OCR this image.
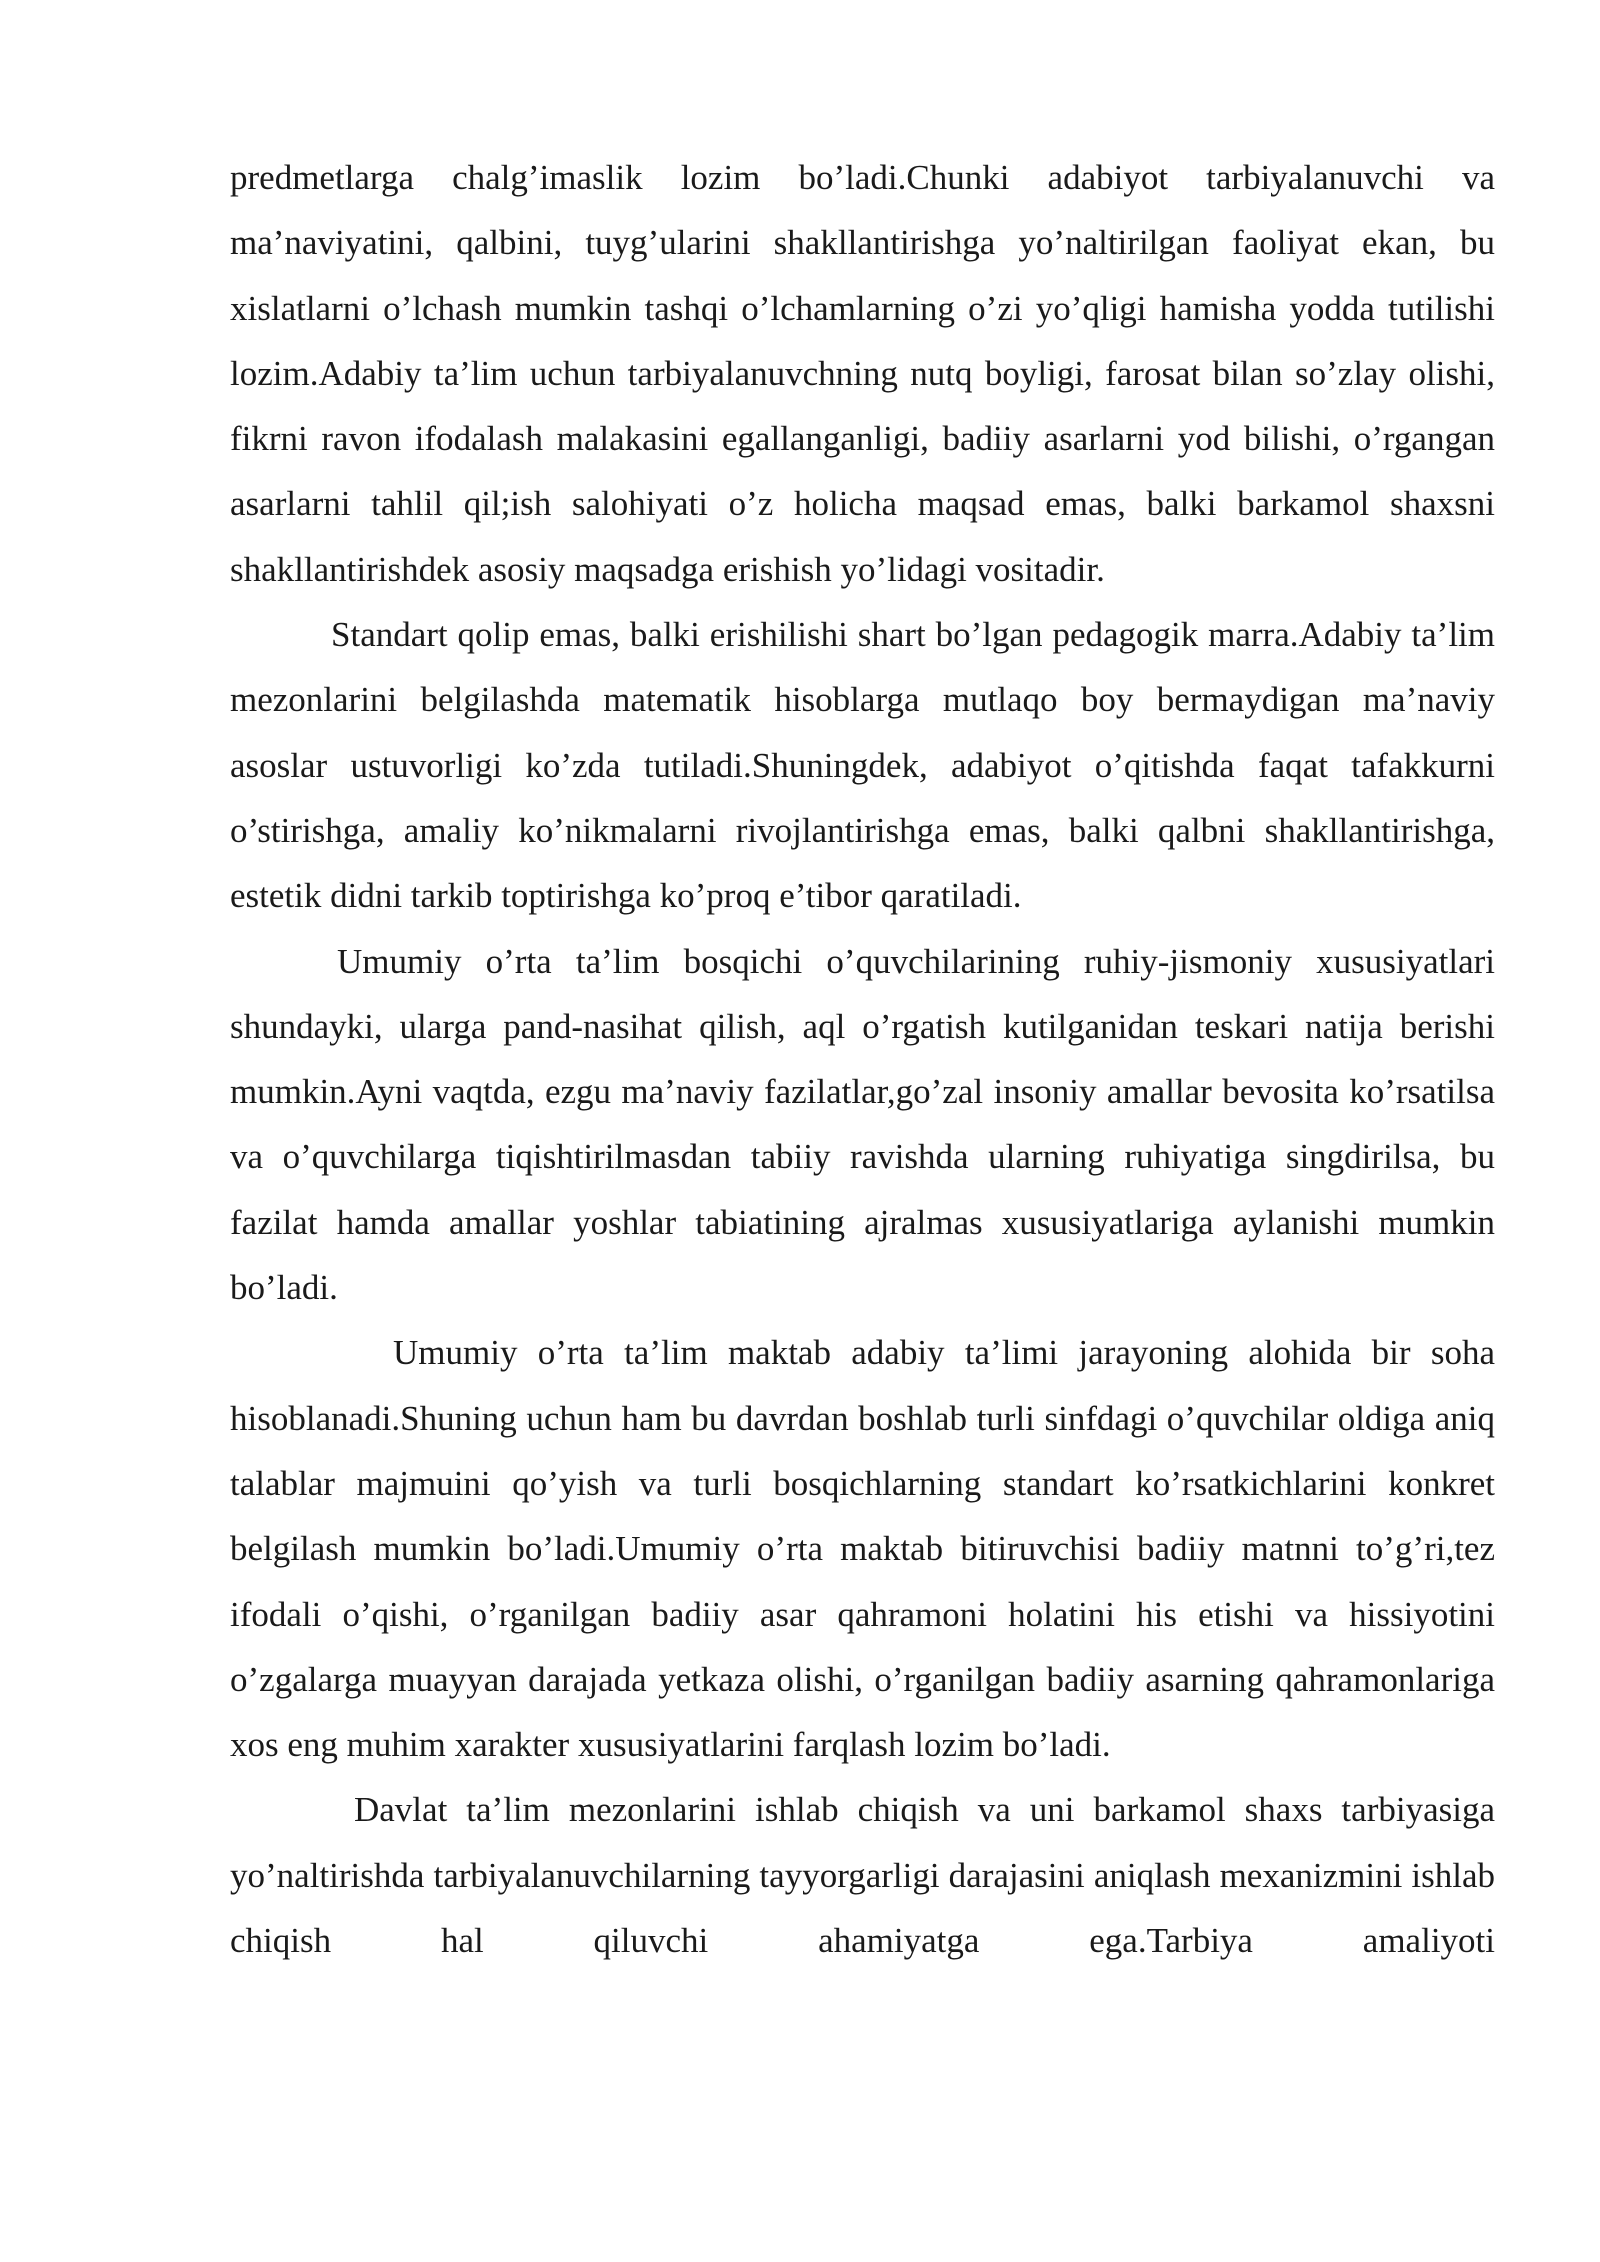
predmetlarga chalg’imaslik lozim bo’ladi.Chunki adabiyot tarbiyalanuvchi va ma’naviyatini, qalbini, tuyg’ularini shakllantirishga yo’naltirilgan faoliyat ekan, bu xislatlarni o’lchash mumkin tashqi o’lchamlarning o’zi yo’qligi hamisha yodda tutilishi lozim.Adabiy ta’lim uchun tarbiyalanuvchning nutq boyligi, farosat bilan so’zlay olishi, fikrni ravon ifodalash malakasini egallanganligi, badiiy asarlarni yod bilishi, o’rgangan asarlarni tahlil qil;ish salohiyati o’z holicha maqsad emas, balki barkamol shaxsni shakllantirishdek asosiy maqsadga erishish yo’lidagi vositadir.

Standart qolip emas, balki erishilishi shart bo’lgan pedagogik marra.Adabiy ta’lim mezonlarini belgilashda matematik hisoblarga mutlaqo boy bermaydigan ma’naviy asoslar ustuvorligi ko’zda tutiladi.Shuningdek, adabiyot o’qitishda faqat tafakkurni o’stirishga, amaliy ko’nikmalarni rivojlantirishga emas, balki qalbni shakllantirishga, estetik didni tarkib toptirishga ko’proq e’tibor qaratiladi.

Umumiy o’rta ta’lim bosqichi o’quvchilarining ruhiy-jismoniy xususiyatlari shundayki, ularga pand-nasihat qilish, aql o’rgatish kutilganidan teskari natija berishi mumkin.Ayni vaqtda, ezgu ma’naviy fazilatlar,go’zal insoniy amallar bevosita ko’rsatilsa va o’quvchilarga tiqishtirilmasdan tabiiy ravishda ularning ruhiyatiga singdirilsa, bu fazilat hamda amallar yoshlar tabiatining ajralmas xususiyatlariga aylanishi mumkin bo’ladi.

Umumiy o’rta ta’lim maktab adabiy ta’limi jarayoning alohida bir soha hisoblanadi.Shuning uchun ham bu davrdan boshlab turli sinfdagi o’quvchilar oldiga aniq talablar majmuini qo’yish va turli bosqichlarning standart ko’rsatkichlarini konkret belgilash mumkin bo’ladi.Umumiy o’rta maktab bitiruvchisi badiiy matnni to’g’ri,tez ifodali o’qishi, o’rganilgan badiiy asar qahramoni holatini his etishi va hissiyotini o’zgalarga muayyan darajada yetkaza olishi, o’rganilgan badiiy asarning qahramonlariga xos eng muhim xarakter xususiyatlarini farqlash lozim bo’ladi.

Davlat ta’lim mezonlarini ishlab chiqish va uni barkamol shaxs tarbiyasiga yo’naltirishda tarbiyalanuvchilarning tayyorgarligi darajasini aniqlash mexanizmini ishlab chiqish hal qiluvchi ahamiyatga ega.Tarbiya amaliyoti
